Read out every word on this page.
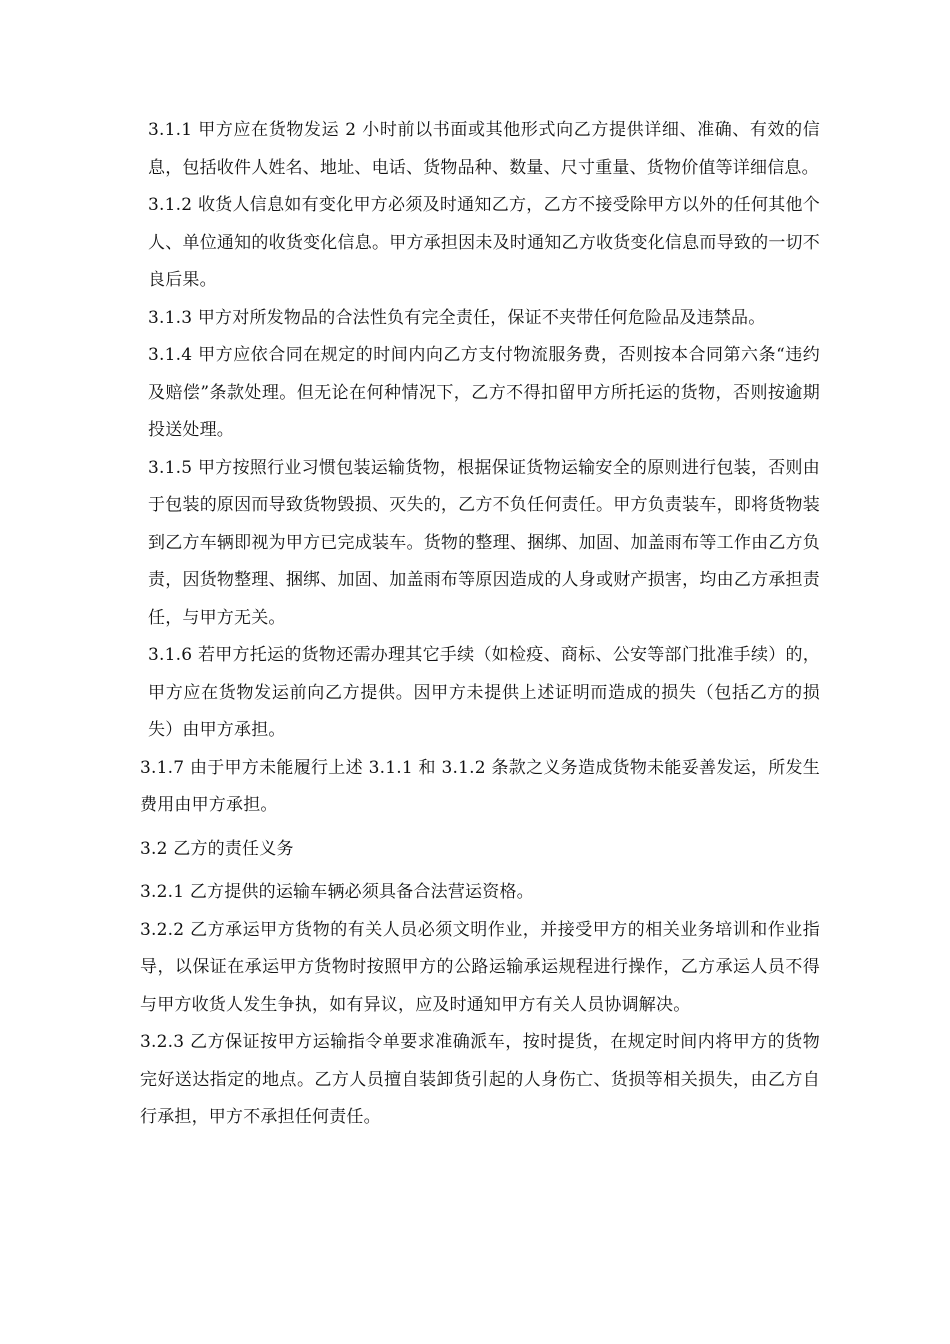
3.1.1 甲方应在货物发运 2 小时前以书面或其他形式向乙方提供详细、准确、有效的信息，包括收件人姓名、地址、电话、货物品种、数量、尺寸重量、货物价值等详细信息。

3.1.2 收货人信息如有变化甲方必须及时通知乙方，乙方不接受除甲方以外的任何其他个人、单位通知的收货变化信息。甲方承担因未及时通知乙方收货变化信息而导致的一切不良后果。

3.1.3 甲方对所发物品的合法性负有完全责任，保证不夹带任何危险品及违禁品。

3.1.4 甲方应依合同在规定的时间内向乙方支付物流服务费，否则按本合同第六条“违约及赔偿”条款处理。但无论在何种情况下，乙方不得扣留甲方所托运的货物，否则按逾期投送处理。

3.1.5 甲方按照行业习惯包装运输货物，根据保证货物运输安全的原则进行包装，否则由于包装的原因而导致货物毁损、灭失的，乙方不负任何责任。甲方负责装车，即将货物装到乙方车辆即视为甲方已完成装车。货物的整理、捆绑、加固、加盖雨布等工作由乙方负责，因货物整理、捆绑、加固、加盖雨布等原因造成的人身或财产损害，均由乙方承担责任，与甲方无关。

3.1.6 若甲方托运的货物还需办理其它手续（如检疫、商标、公安等部门批准手续）的，甲方应在货物发运前向乙方提供。因甲方未提供上述证明而造成的损失（包括乙方的损失）由甲方承担。

3.1.7 由于甲方未能履行上述 3.1.1 和 3.1.2 条款之义务造成货物未能妥善发运，所发生费用由甲方承担。

3.2 乙方的责任义务

3.2.1 乙方提供的运输车辆必须具备合法营运资格。

3.2.2 乙方承运甲方货物的有关人员必须文明作业，并接受甲方的相关业务培训和作业指导，以保证在承运甲方货物时按照甲方的公路运输承运规程进行操作，乙方承运人员不得与甲方收货人发生争执，如有异议，应及时通知甲方有关人员协调解决。

3.2.3 乙方保证按甲方运输指令单要求准确派车，按时提货，在规定时间内将甲方的货物完好送达指定的地点。乙方人员擅自装卸货引起的人身伤亡、货损等相关损失，由乙方自行承担，甲方不承担任何责任。
